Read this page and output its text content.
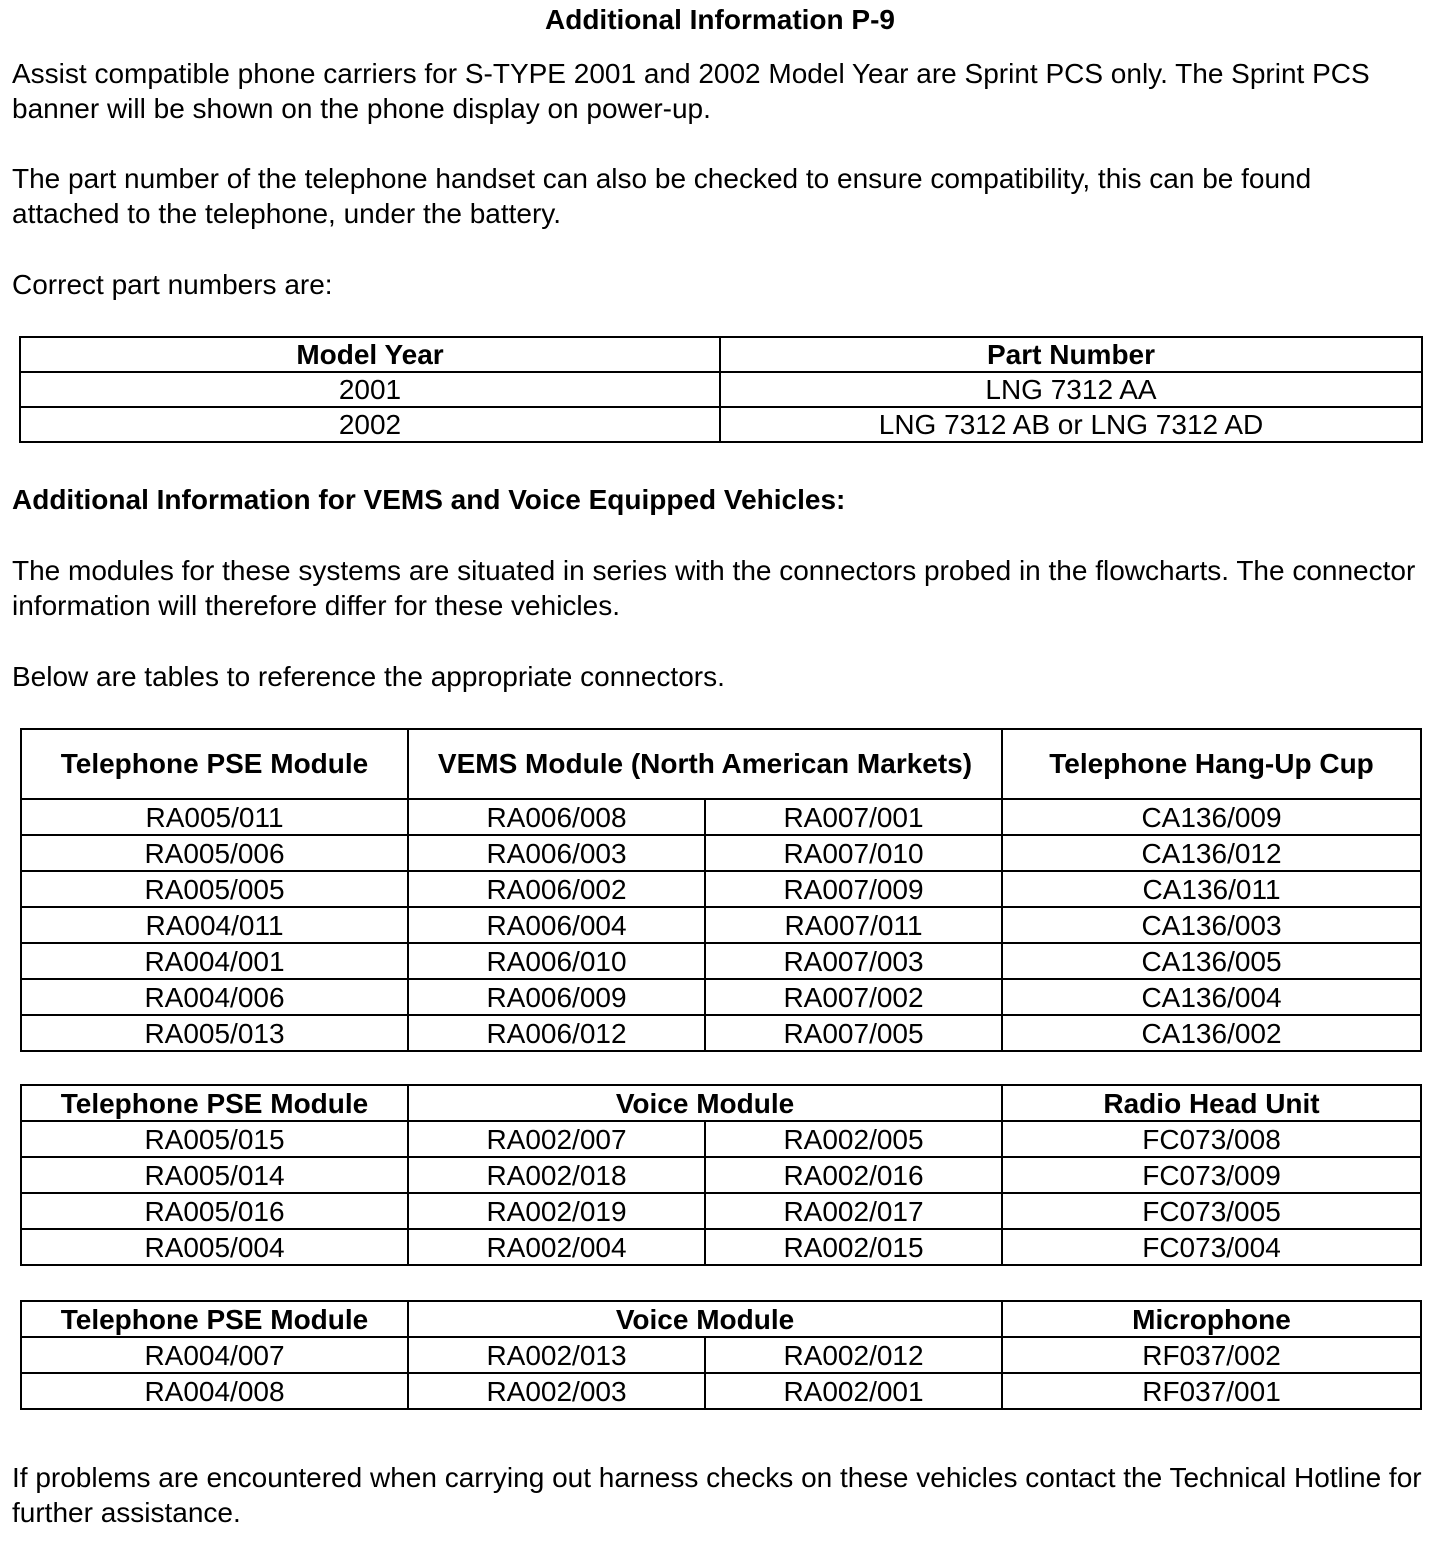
Additional Information P-9

Assist compatible phone carriers for S-TYPE 2001 and 2002 Model Year are Sprint PCS only. The Sprint PCS banner will be shown on the phone display on power-up.

The part number of the telephone handset can also be checked to ensure compatibility, this can be found attached to the telephone, under the battery.

Correct part numbers are:

Model Year	Part Number
2001	LNG 7312 AA
2002	LNG 7312 AB or LNG 7312 AD

Additional Information for VEMS and Voice Equipped Vehicles:

The modules for these systems are situated in series with the connectors probed in the flowcharts. The connector information will therefore differ for these vehicles.

Below are tables to reference the appropriate connectors.

Telephone PSE Module	VEMS Module (North American Markets)		Telephone Hang-Up Cup
RA005/011	RA006/008	RA007/001	CA136/009
RA005/006	RA006/003	RA007/010	CA136/012
RA005/005	RA006/002	RA007/009	CA136/011
RA004/011	RA006/004	RA007/011	CA136/003
RA004/001	RA006/010	RA007/003	CA136/005
RA004/006	RA006/009	RA007/002	CA136/004
RA005/013	RA006/012	RA007/005	CA136/002
Telephone PSE Module	Voice Module		Radio Head Unit
RA005/015	RA002/007	RA002/005	FC073/008
RA005/014	RA002/018	RA002/016	FC073/009
RA005/016	RA002/019	RA002/017	FC073/005
RA005/004	RA002/004	RA002/015	FC073/004
Telephone PSE Module	Voice Module		Microphone
RA004/007	RA002/013	RA002/012	RF037/002
RA004/008	RA002/003	RA002/001	RF037/001

If problems are encountered when carrying out harness checks on these vehicles contact the Technical Hotline for further assistance.
